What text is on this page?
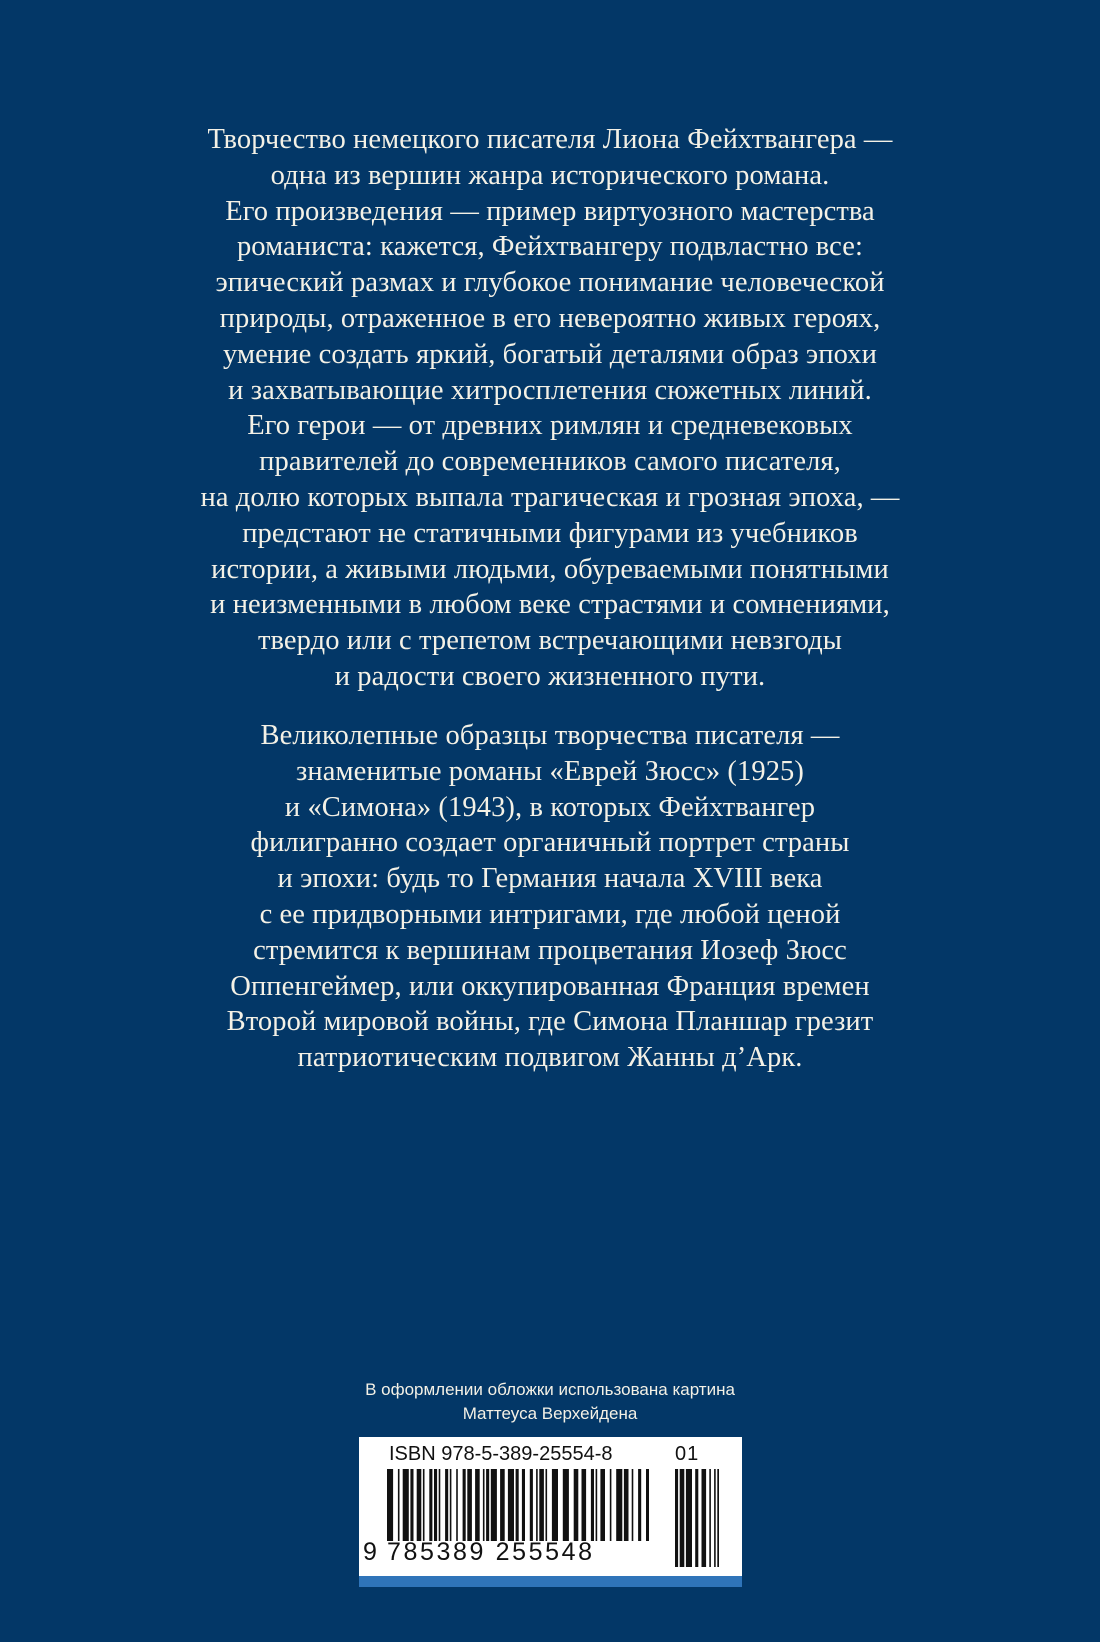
Творчество немецкого писателя Лиона Фейхтвангера —
одна из вершин жанра исторического романа.
Его произведения — пример виртуозного мастерства
романиста: кажется, Фейхтвангеру подвластно все:
эпический размах и глубокое понимание человеческой
природы, отраженное в его невероятно живых героях,
умение создать яркий, богатый деталями образ эпохи
и захватывающие хитросплетения сюжетных линий.
Его герои — от древних римлян и средневековых
правителей до современников самого писателя,
на долю которых выпала трагическая и грозная эпоха, —
предстают не статичными фигурами из учебников
истории, а живыми людьми, обуреваемыми понятными
и неизменными в любом веке страстями и сомнениями,
твердо или с трепетом встречающими невзгоды
и радости своего жизненного пути.
Великолепные образцы творчества писателя —
знаменитые романы «Еврей Зюсс» (1925)
и «Симона» (1943), в которых Фейхтвангер
филигранно создает органичный портрет страны
и эпохи: будь то Германия начала XVIII века
с ее придворными интригами, где любой ценой
стремится к вершинам процветания Иозеф Зюсс
Оппенгеймер, или оккупированная Франция времен
Второй мировой войны, где Симона Планшар грезит
патриотическим подвигом Жанны д’Арк.
В оформлении обложки использована картина
Маттеуса Верхейдена
ISBN 978-5-389-25554-8	01
9 785389 255548
